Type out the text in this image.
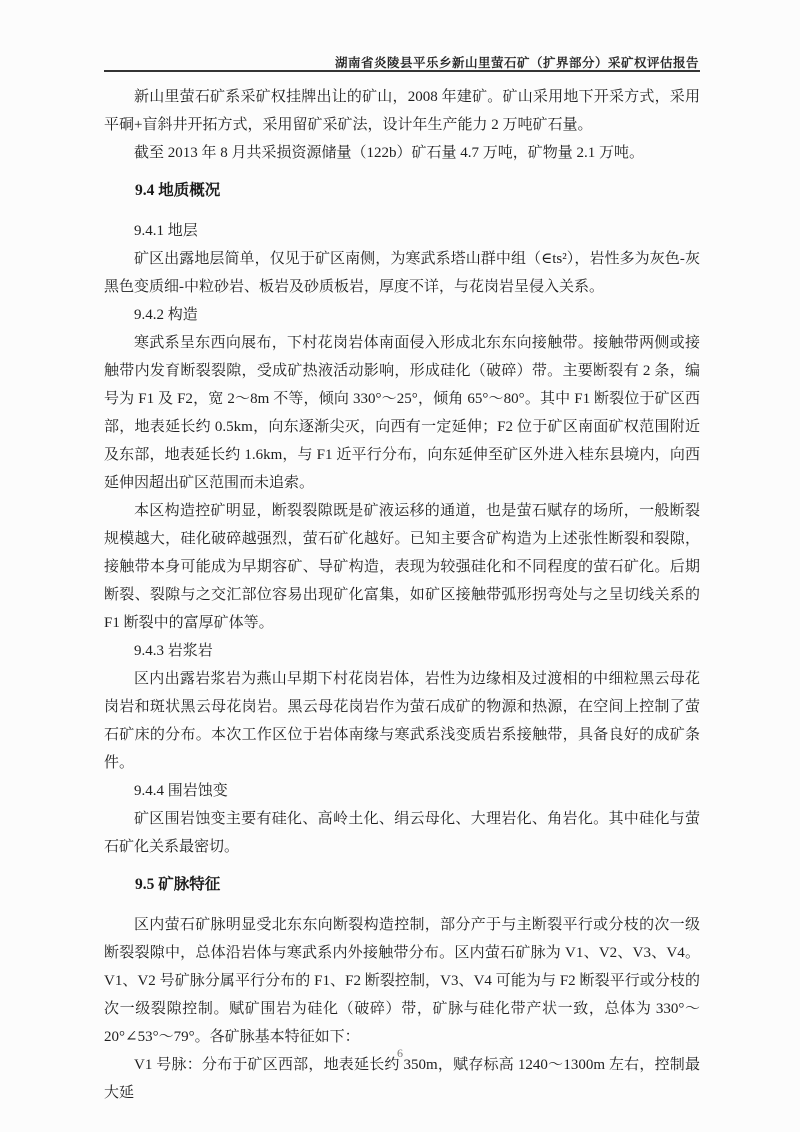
湖南省炎陵县平乐乡新山里萤石矿（扩界部分）采矿权评估报告

新山里萤石矿系采矿权挂牌出让的矿山，2008 年建矿。矿山采用地下开采方式，采用平硐+盲斜井开拓方式，采用留矿采矿法，设计年生产能力 2 万吨矿石量。

截至 2013 年 8 月共采损资源储量（122b）矿石量 4.7 万吨，矿物量 2.1 万吨。

9.4 地质概况
9.4.1 地层

矿区出露地层简单，仅见于矿区南侧，为寒武系塔山群中组（∈ts²），岩性多为灰色-灰黑色变质细-中粒砂岩、板岩及砂质板岩，厚度不详，与花岗岩呈侵入关系。

9.4.2 构造

寒武系呈东西向展布，下村花岗岩体南面侵入形成北东东向接触带。接触带两侧或接触带内发育断裂裂隙，受成矿热液活动影响，形成硅化（破碎）带。主要断裂有 2 条，编号为 F1 及 F2，宽 2～8m 不等，倾向 330°～25°，倾角 65°～80°。其中 F1 断裂位于矿区西部，地表延长约 0.5km，向东逐渐尖灭，向西有一定延伸；F2 位于矿区南面矿权范围附近及东部，地表延长约 1.6km，与 F1 近平行分布，向东延伸至矿区外进入桂东县境内，向西延伸因超出矿区范围而未追索。

本区构造控矿明显，断裂裂隙既是矿液运移的通道，也是萤石赋存的场所，一般断裂规模越大，硅化破碎越强烈，萤石矿化越好。已知主要含矿构造为上述张性断裂和裂隙，接触带本身可能成为早期容矿、导矿构造，表现为较强硅化和不同程度的萤石矿化。后期断裂、裂隙与之交汇部位容易出现矿化富集，如矿区接触带弧形拐弯处与之呈切线关系的 F1 断裂中的富厚矿体等。

9.4.3 岩浆岩

区内出露岩浆岩为燕山早期下村花岗岩体，岩性为边缘相及过渡相的中细粒黑云母花岗岩和斑状黑云母花岗岩。黑云母花岗岩作为萤石成矿的物源和热源，在空间上控制了萤石矿床的分布。本次工作区位于岩体南缘与寒武系浅变质岩系接触带，具备良好的成矿条件。

9.4.4 围岩蚀变

矿区围岩蚀变主要有硅化、高岭土化、绢云母化、大理岩化、角岩化。其中硅化与萤石矿化关系最密切。

9.5 矿脉特征

区内萤石矿脉明显受北东东向断裂构造控制，部分产于与主断裂平行或分枝的次一级断裂裂隙中，总体沿岩体与寒武系内外接触带分布。区内萤石矿脉为 V1、V2、V3、V4。V1、V2 号矿脉分属平行分布的 F1、F2 断裂控制，V3、V4 可能为与 F2 断裂平行或分枝的次一级裂隙控制。赋矿围岩为硅化（破碎）带，矿脉与硅化带产状一致，总体为 330°～20°∠53°～79°。各矿脉基本特征如下：

V1 号脉：分布于矿区西部，地表延长约 350m，赋存标高 1240～1300m 左右，控制最大延

6
